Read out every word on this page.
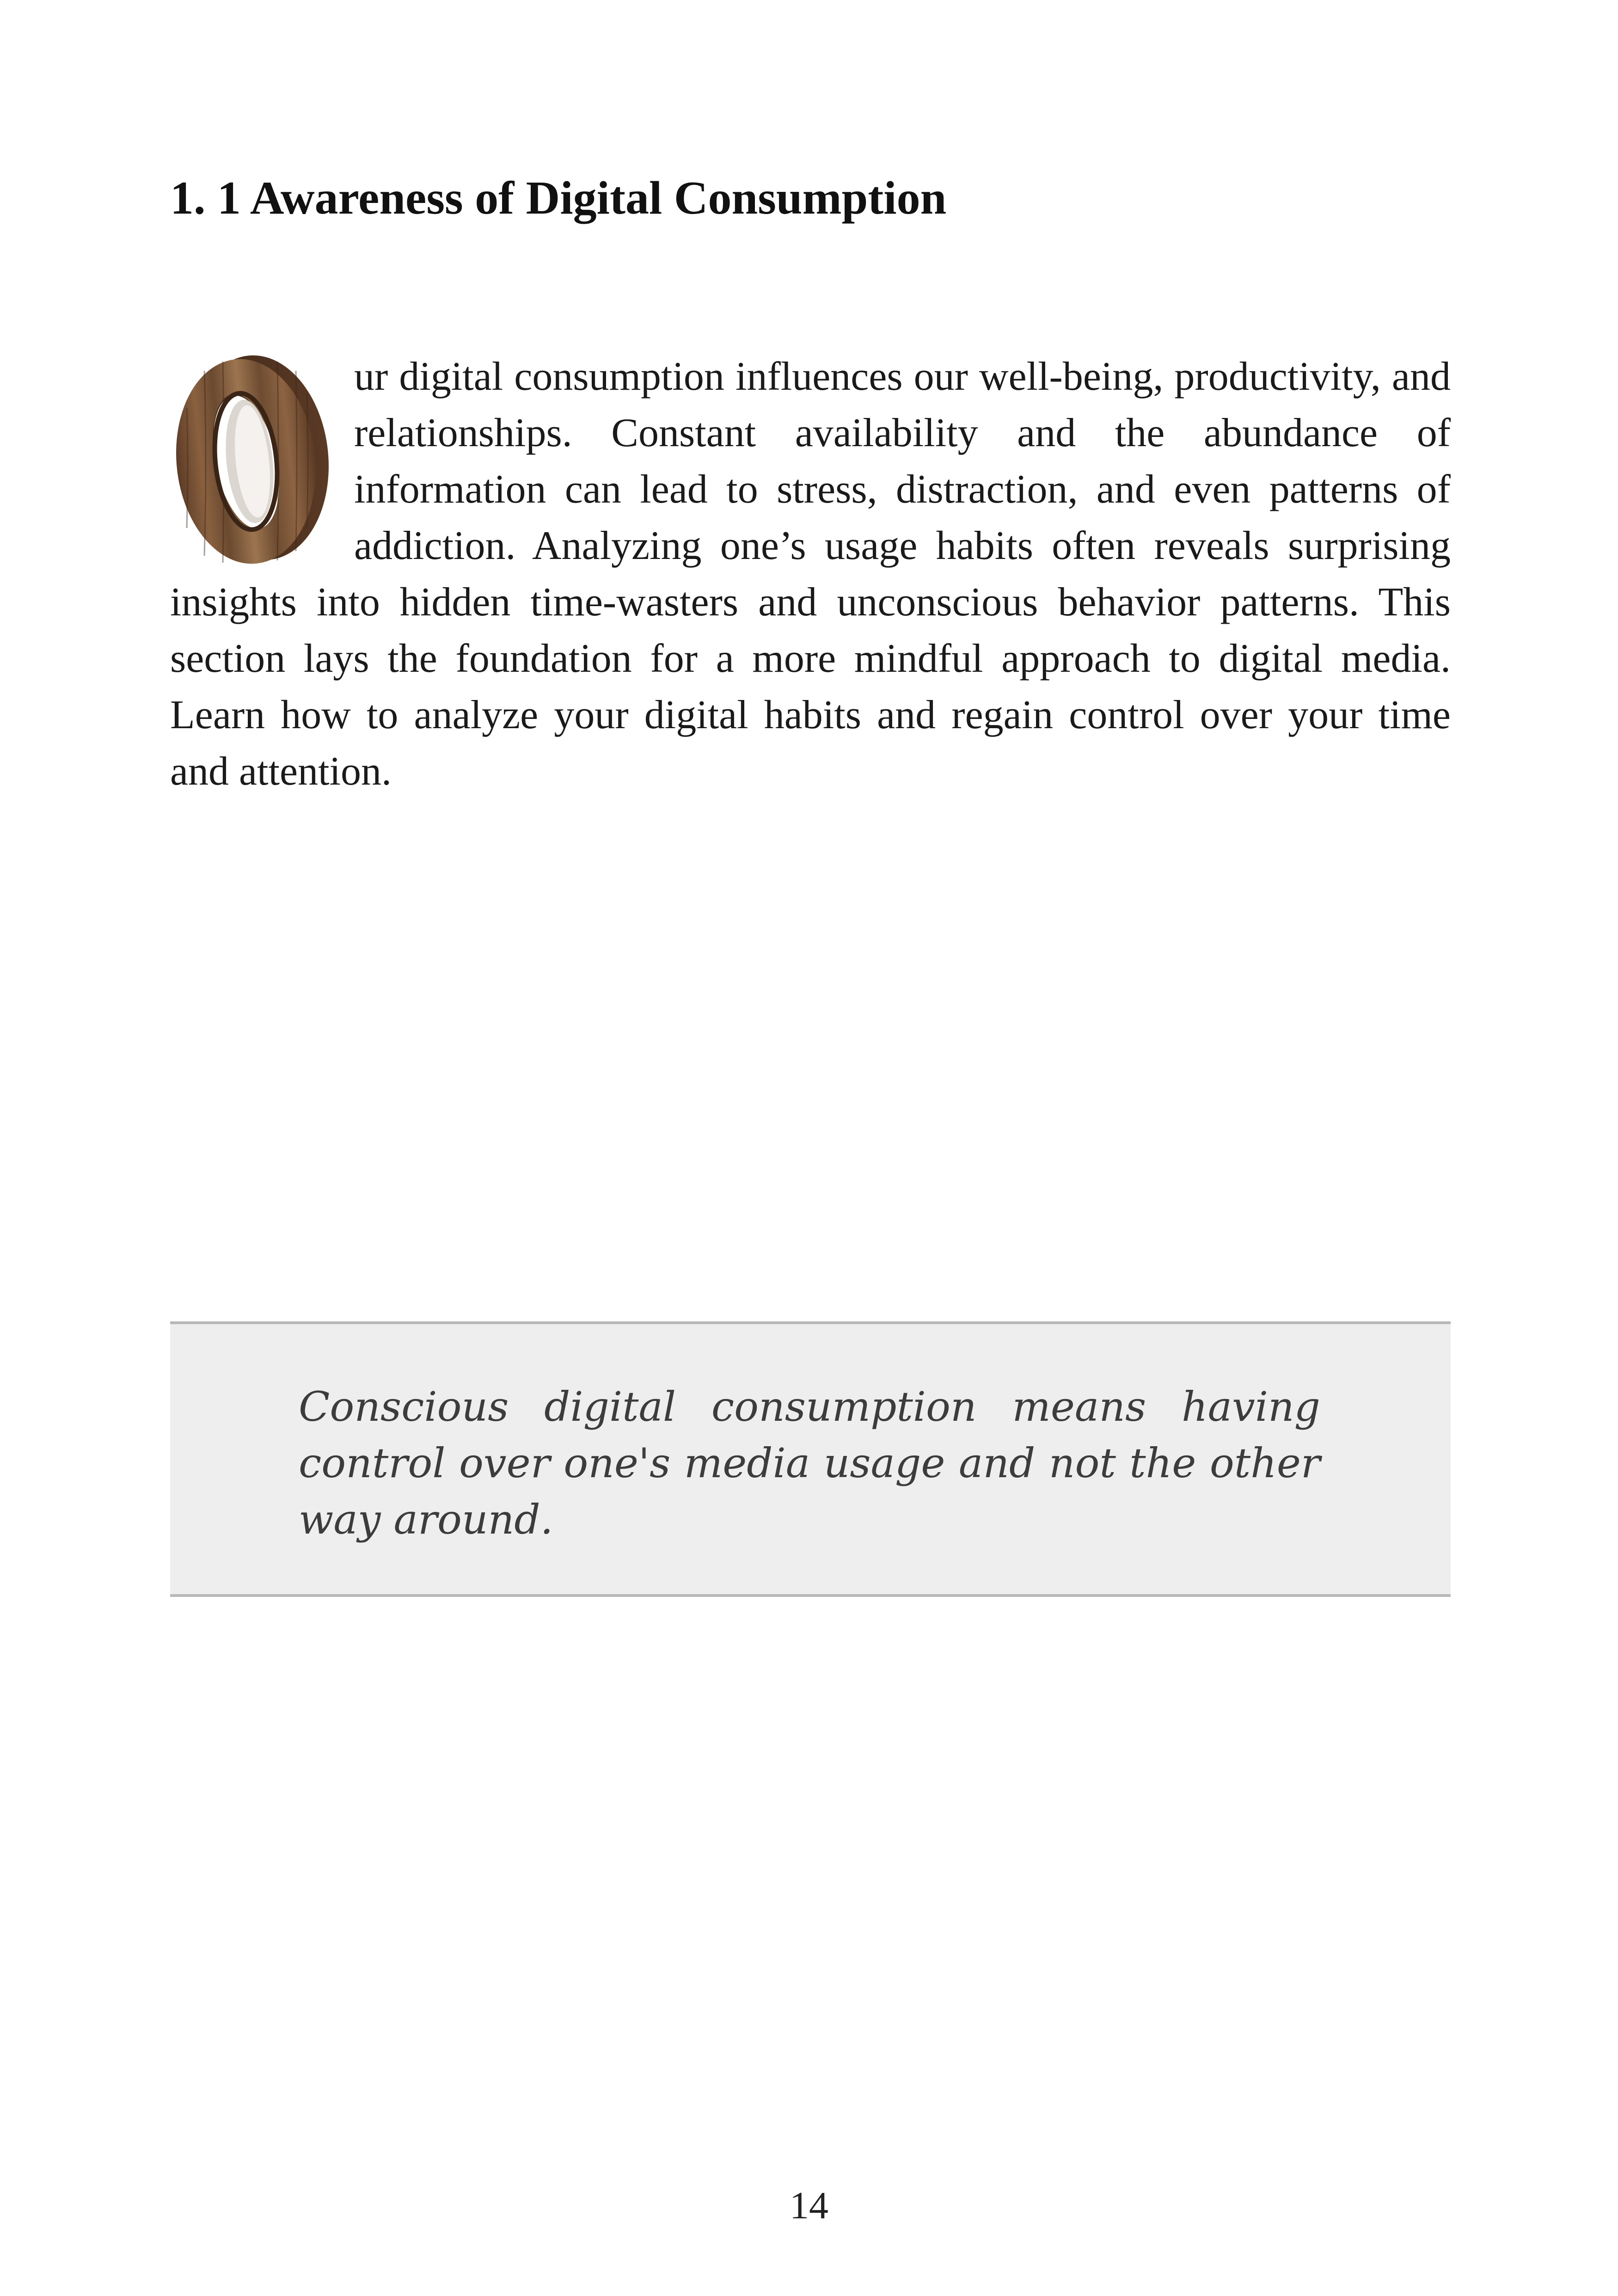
1. 1 Awareness of Digital Consumption

ur digital consumption influences our well-being, productivity, and relationships. Constant availability and the abundance of information can lead to stress, distraction, and even patterns of addiction. Analyzing one’s usage habits often reveals surprising insights into hidden time-wasters and unconscious behavior patterns. This section lays the foundation for a more mindful approach to digital media. Learn how to analyze your digital habits and regain control over your time and attention.

Conscious digital consumption means having control over one's media usage and not the other way around.

14
